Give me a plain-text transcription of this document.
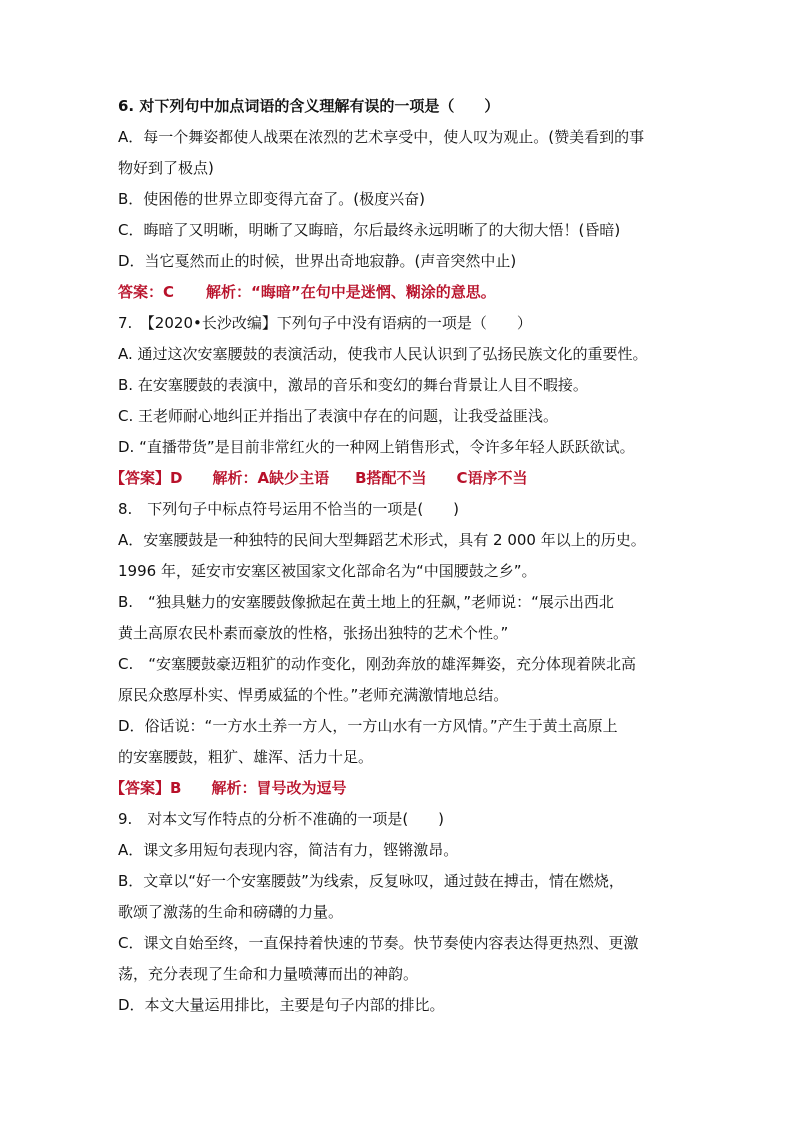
6. 对下列句中加点词语的含义理解有误的一项是（　　）
A．每一个舞姿都使人战栗在浓烈的艺术享受中，使人叹为观止。(赞美看到的事
物好到了极点)
B．使困倦的世界立即变得亢奋了。(极度兴奋)
C．晦暗了又明晰，明晰了又晦暗，尔后最终永远明晰了的大彻大悟！(昏暗)
D．当它戛然而止的时候，世界出奇地寂静。(声音突然中止)
答案：C 解析：“晦暗”在句中是迷惘、糊涂的意思。
7.　【2020•长沙改编】下列句子中没有语病的一项是（　　）
A. 通过这次安塞腰鼓的表演活动，使我市人民认识到了弘扬民族文化的重要性。
B. 在安塞腰鼓的表演中，激昂的音乐和变幻的舞台背景让人目不暇接。
C. 王老师耐心地纠正并指出了表演中存在的问题，让我受益匪浅。
D. “直播带货”是目前非常红火的一种网上销售形式，令许多年轻人跃跃欲试。
【答案】D 解析：A缺少主语 B搭配不当 C语序不当
8.　下列句子中标点符号运用不恰当的一项是(　　)
A．安塞腰鼓是一种独特的民间大型舞蹈艺术形式，具有 2 000 年以上的历史。
1996 年，延安市安塞区被国家文化部命名为“中国腰鼓之乡”。
B.　“独具魅力的安塞腰鼓像掀起在黄土地上的狂飙，”老师说：“展示出西北
黄土高原农民朴素而豪放的性格，张扬出独特的艺术个性。”
C.　“安塞腰鼓豪迈粗犷的动作变化，刚劲奔放的雄浑舞姿，充分体现着陕北高
原民众憨厚朴实、悍勇威猛的个性。”老师充满激情地总结。
D．俗话说：“一方水土养一方人，一方山水有一方风情。”产生于黄土高原上
的安塞腰鼓，粗犷、雄浑、活力十足。
【答案】B 解析：冒号改为逗号
9.　对本文写作特点的分析不准确的一项是(　　)
A．课文多用短句表现内容，简洁有力，铿锵激昂。
B．文章以“好一个安塞腰鼓”为线索，反复咏叹，通过鼓在搏击，情在燃烧，
歌颂了激荡的生命和磅礴的力量。
C．课文自始至终，一直保持着快速的节奏。快节奏使内容表达得更热烈、更激
荡，充分表现了生命和力量喷薄而出的神韵。
D．本文大量运用排比，主要是句子内部的排比。
